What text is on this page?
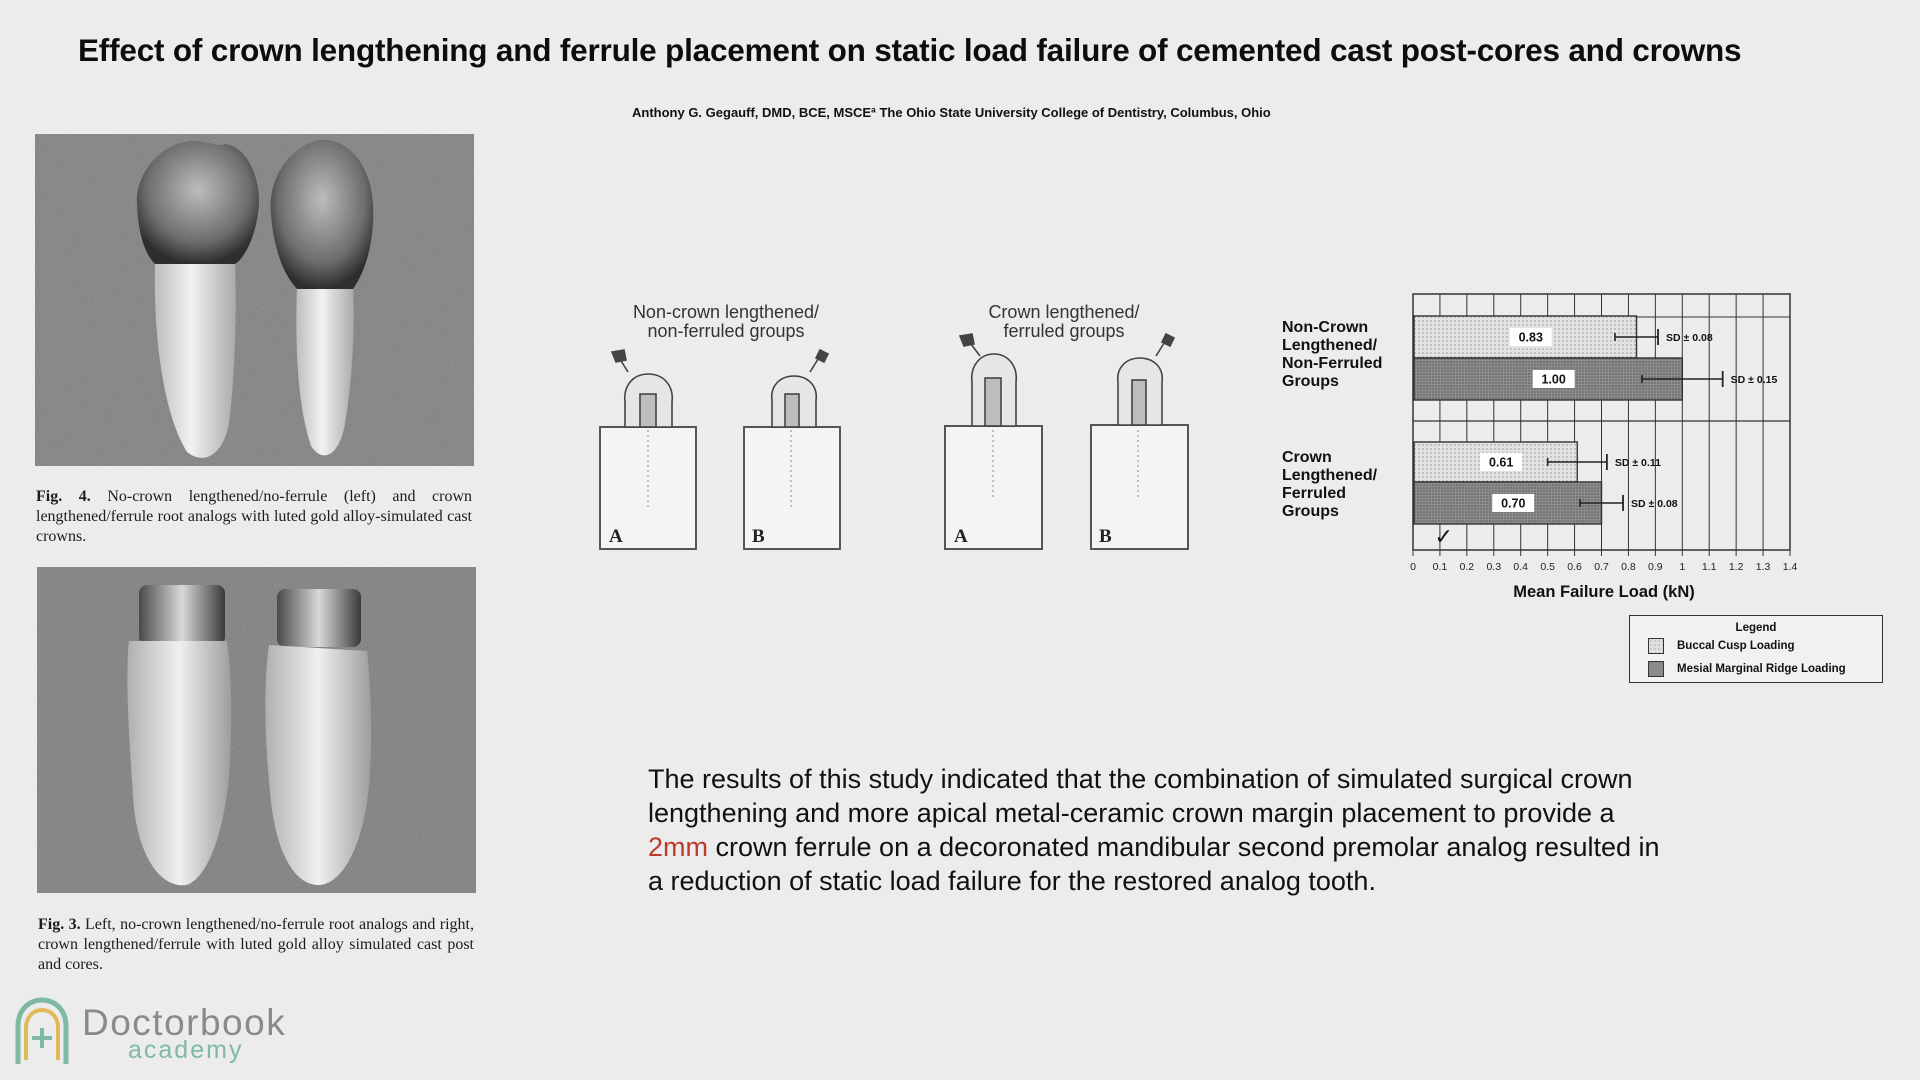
Effect of crown lengthening and ferrule placement on static load failure of cemented cast post-cores and crowns
Anthony G. Gegauff, DMD, BCE, MSCEª The Ohio State University College of Dentistry, Columbus, Ohio
Fig. 4. No-crown lengthened/no-ferrule (left) and crown lengthened/ferrule root analogs with luted gold alloy-simulated cast crowns.
Fig. 3. Left, no-crown lengthened/no-ferrule root analogs and right, crown lengthened/ferrule with luted gold alloy simulated cast post and cores.
Non-crown lengthened/
non-ferruled groups
Crown lengthened/
ferruled groups
A	B	A	B
0.83	SD ± 0.08
1.00	SD ± 0.15
Non-Crown
Lengthened/
Non-Ferruled
Groups
0.61	SD ± 0.11
0.70	SD ± 0.08
Crown
Lengthened/
Ferruled
Groups
0 0.1 0.2 0.3 0.4 0.5 0.6 0.7 0.8 0.9 1 1.1 1.2 1.3 1.4
✓
Mean Failure Load (kN)
Legend
Buccal Cusp Loading
Mesial Marginal Ridge Loading
The results of this study indicated that the combination of simulated surgical crown lengthening and more apical metal-ceramic crown margin placement to provide a 2mm crown ferrule on a decoronated mandibular second premolar analog resulted in a reduction of static load failure for the restored analog tooth.
Doctorbook
academy
